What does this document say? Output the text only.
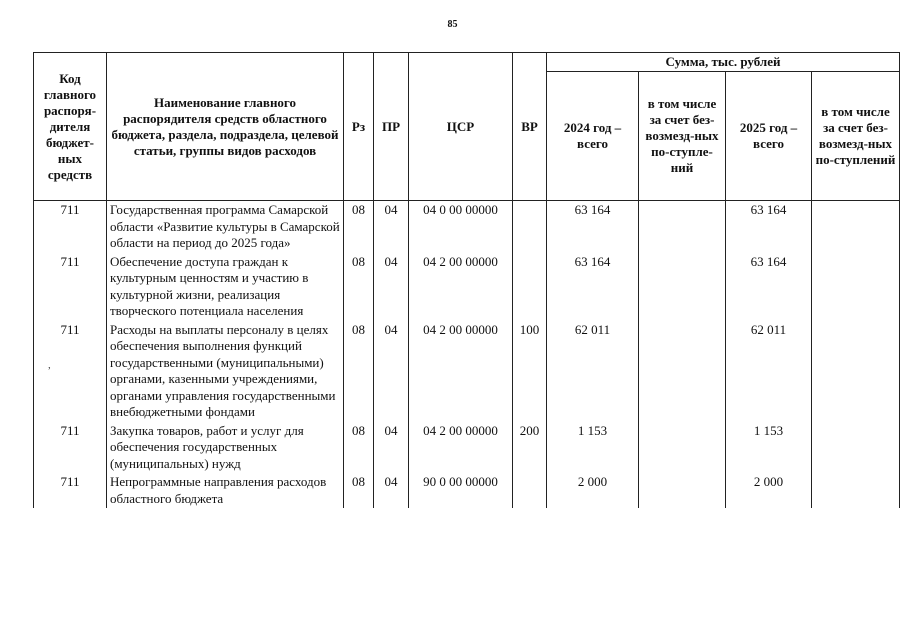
85
,
Код главного распоря-дителя бюджет-ных средств	Наименование главного распорядителя средств областного бюджета, раздела, подраздела, целевой статьи, группы видов расходов	Рз	ПР	ЦСР	ВР	Сумма, тыс. рублей			
						2024 год – всего	в том числе за счет без-возмезд-ных по-ступле-ний	2025 год – всего	в том числе за счет без-возмезд-ных по-ступлений
711	Государственная программа Самарской области «Развитие культуры в Самарской области на период до 2025 года»	08	04	04 0 00 00000		63 164		63 164	
711	Обеспечение доступа граждан к культурным ценностям и участию в культурной жизни, реализация творческого потенциала населения	08	04	04 2 00 00000		63 164		63 164	
711	Расходы на выплаты персоналу в целях обеспечения выполнения функций государственными (муниципальными) органами, казенными учреждениями, органами управления государственными внебюджетными фондами	08	04	04 2 00 00000	100	62 011		62 011	
711	Закупка товаров, работ и услуг для обеспечения государственных (муниципальных) нужд	08	04	04 2 00 00000	200	1 153		1 153	
711	Непрограммные направления расходов областного бюджета	08	04	90 0 00 00000		2 000		2 000	
